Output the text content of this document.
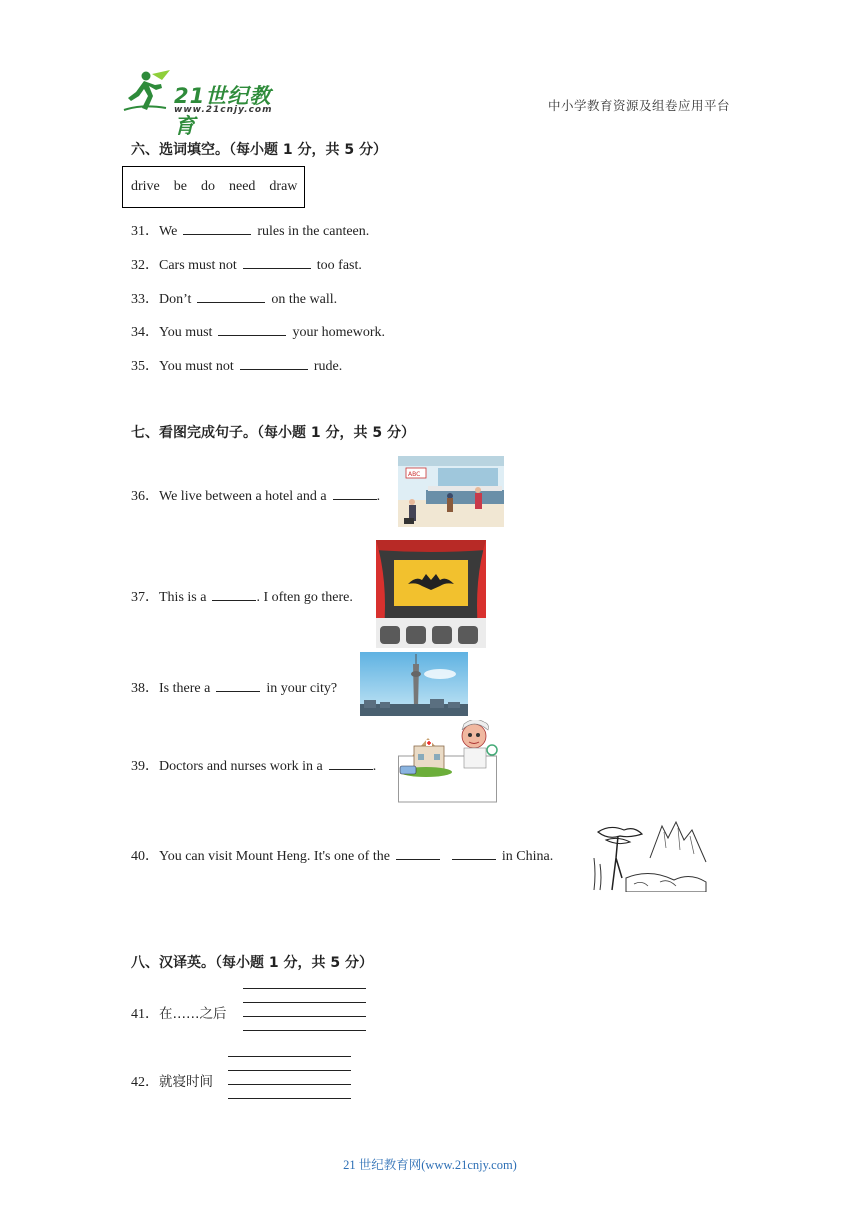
21世纪教育
www.21cnjy.com	中小学教育资源及组卷应用平台
六、选词填空。（每小题 1 分，共 5 分）
drive be do need draw
31．We	rules in the canteen.
32．Cars must not	too fast.
33．Don’t	on the wall.
34．You must	your homework.
35．You must not	rude.
七、看图完成句子。（每小题 1 分，共 5 分）
36．We live between a hotel and a	.
ABC
37．This is a	. I often go there.
38．Is there a	in your city?
39．Doctors and nurses work in a	.
40．You can visit Mount Heng. It's one of the	in China.
八、汉译英。（每小题 1 分，共 5 分）
41．在……之后
42．就寝时间
21 世纪教育网(www.21cnjy.com)
